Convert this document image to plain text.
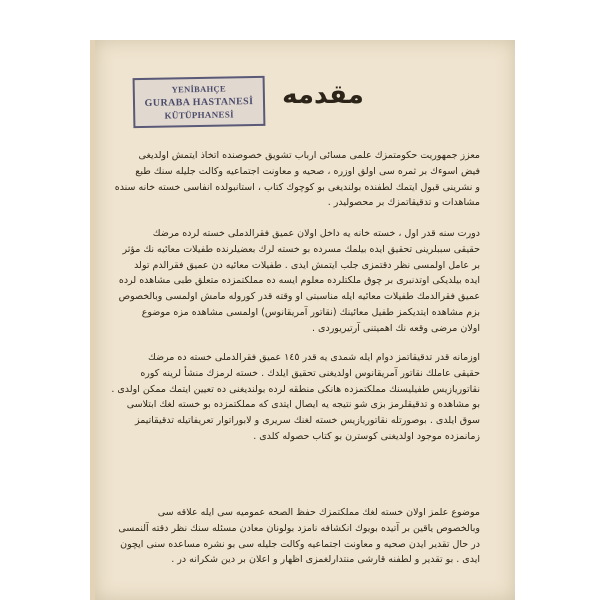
YENİBAHÇE
GURABA HASTANESİ
KÜTÜPHANESİ
مقدمه
معزز جمهوریت حکومتمزك علمی مسائی ارباب تشویق خصوصنده اتخاذ ایتمش اولدیغی
فیض اسوءك بر ثمره سی اولق اوزره ، صحیه و معاونت اجتماعیه وكالت جلیله سنك طبع
و نشرینی قبول ایتمك لطفنده بولندیغی بو كوچوك كتاب ، استانبولده انفاسی خسته خانه سنده
مشاهدات و تدقیقاتمزك بر محصولیدر .
دورت سنه قدر اول ، خسته خانه یه داخل اولان عمیق فقرالدملی خسته لرده مرضك
حقیقی سببلرینی تحقیق ایده بیلمك مسرده بو خسته لرك بعضیلرنده طفیلات معائیه نك مؤثر
بر عامل اولمسی نظر دقتمزی جلب ایتمش ایدی . طفیلات معائیه دن عمیق فقرالدم تولد
ایده بیلدیكی اوتدنبری بر چوق ملكتلرده معلوم ایسه ده مملكتمزده متعلق طبی مشاهده لرده
عمیق فقرالدمك طفیلات معائیه ایله مناسبتی او وقته قدر كوروله مامش اولمسی وبالخصوص
بزم مشاهده ایتدیكمز طفیل معائینك (نقاتور آمریقانوس) اولمسی مشاهده مزه موضوع
اولان مرضی وقعه نك اهمیتنی آرتیریوردی .
اوزمانه قدر تدقیقاتمز دوام ایله شمدی یه قدر ١٤٥ عمیق فقرالدملی خسته ده مرضك
حقیقی عاملك نقاتور آمریقانوس اولدیغنی تحقیق ایلدك . خسته لرمزك منشأ لرینه كوره
نقاتوریازیس طفیلیسنك مملكتمزده هانكی منطقه لرده بولندیغنی ده تعیین ایتمك ممكن اولدی .
بو مشاهده و تدقیقلرمز بزی شو نتیجه یه ایصال ایتدی كه مملكتمزده بو خسته لغك ابتلاسی
سوق ایلدی . بوصورتله نقاتوریازیس خسته لغنك سریری و لابوراتوار تعریفاتیله تدقیقاتیمز
زمانمزده موجود اولدیغنی كوسترن بو كتاب حصوله كلدی .
موضوع علمز اولان خسته لغك مملكتمزك حفظ الصحه عمومیه سی ایله علاقه سی
وبالخصوص یاقین بر آتیده بویوك انكشافه نامزد بولونان معادن مسئله سنك نظر دقته آلنمسی
در حال تقدیر ایدن صحیه و معاونت اجتماعیه وكالت جلیله سی بو نشره مساعده سنی ایچون
ایدی . بو تقدیر و لطفنه قارشی منتدارلغمزی اظهار و اعلان بر دین شكرانه در .
